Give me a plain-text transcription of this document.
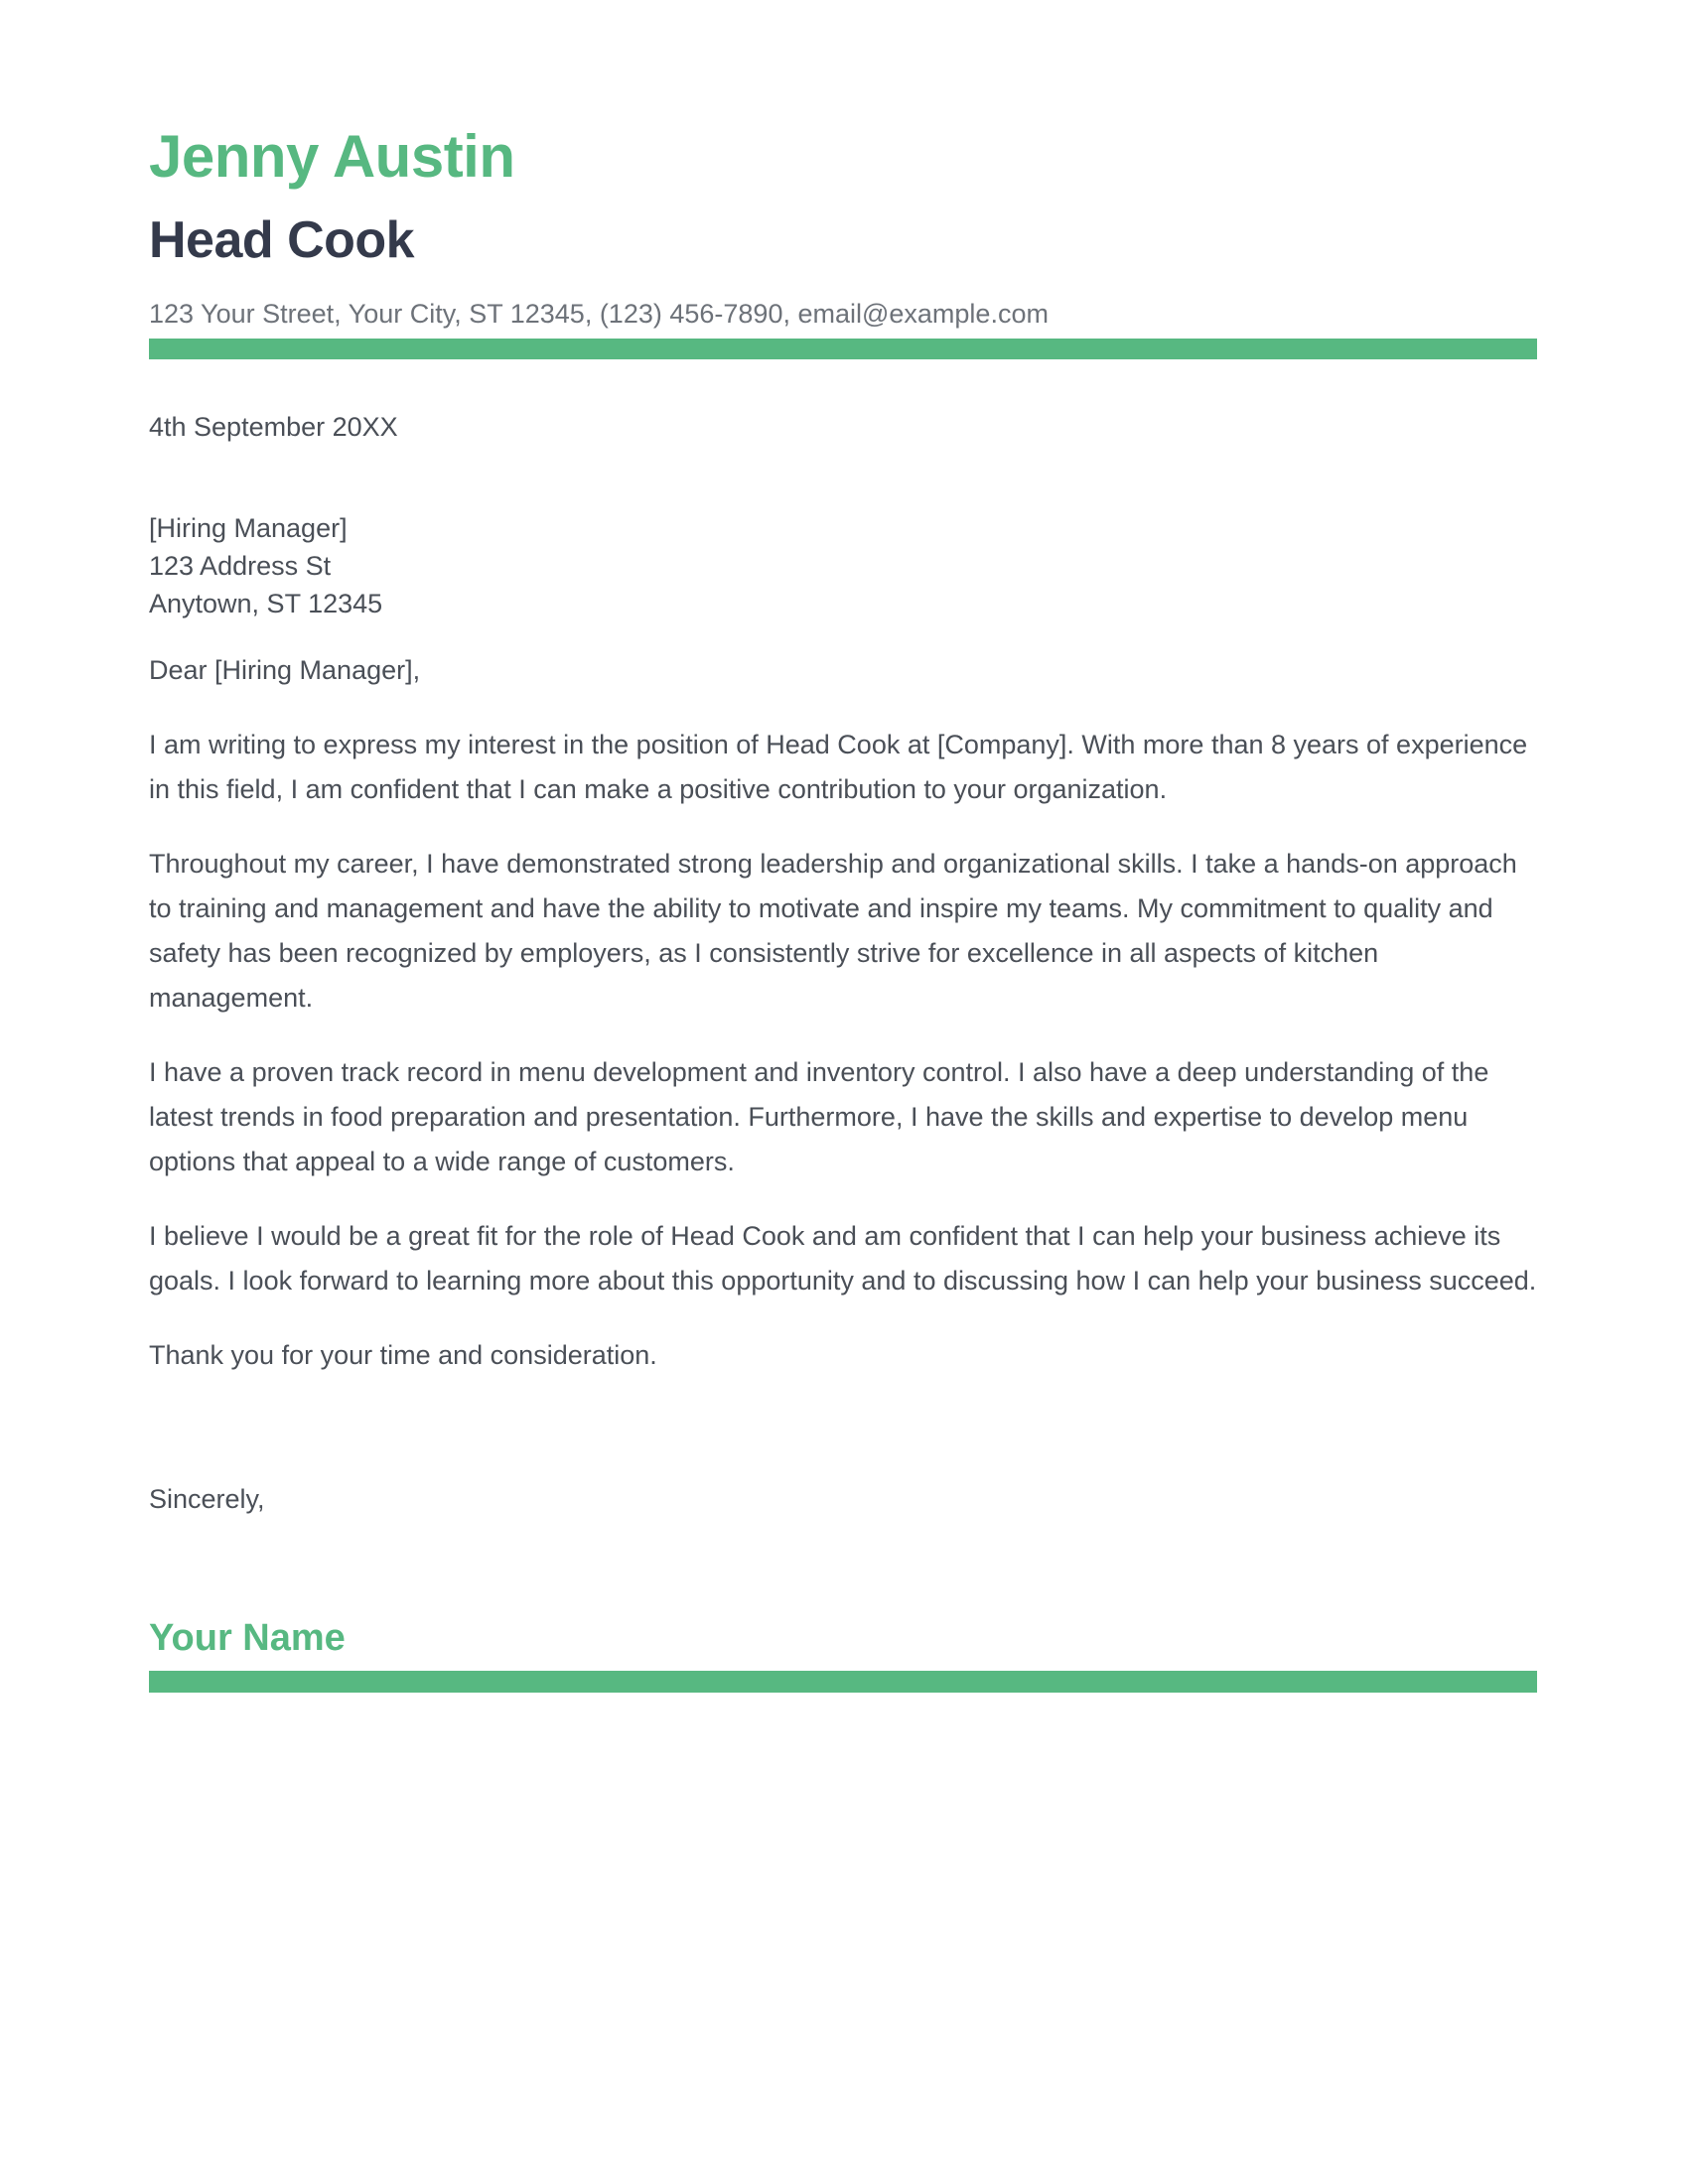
Jenny Austin
Head Cook

123 Your Street, Your City, ST 12345, (123) 456-7890, email@example.com

4th September 20XX

[Hiring Manager]
123 Address St
Anytown, ST 12345

Dear [Hiring Manager],

I am writing to express my interest in the position of Head Cook at [Company]. With more than 8 years of experience in this field, I am confident that I can make a positive contribution to your organization.

Throughout my career, I have demonstrated strong leadership and organizational skills. I take a hands-on approach to training and management and have the ability to motivate and inspire my teams. My commitment to quality and safety has been recognized by employers, as I consistently strive for excellence in all aspects of kitchen management.

I have a proven track record in menu development and inventory control. I also have a deep understanding of the latest trends in food preparation and presentation. Furthermore, I have the skills and expertise to develop menu options that appeal to a wide range of customers.

I believe I would be a great fit for the role of Head Cook and am confident that I can help your business achieve its goals. I look forward to learning more about this opportunity and to discussing how I can help your business succeed.

Thank you for your time and consideration.

Sincerely,

Your Name
